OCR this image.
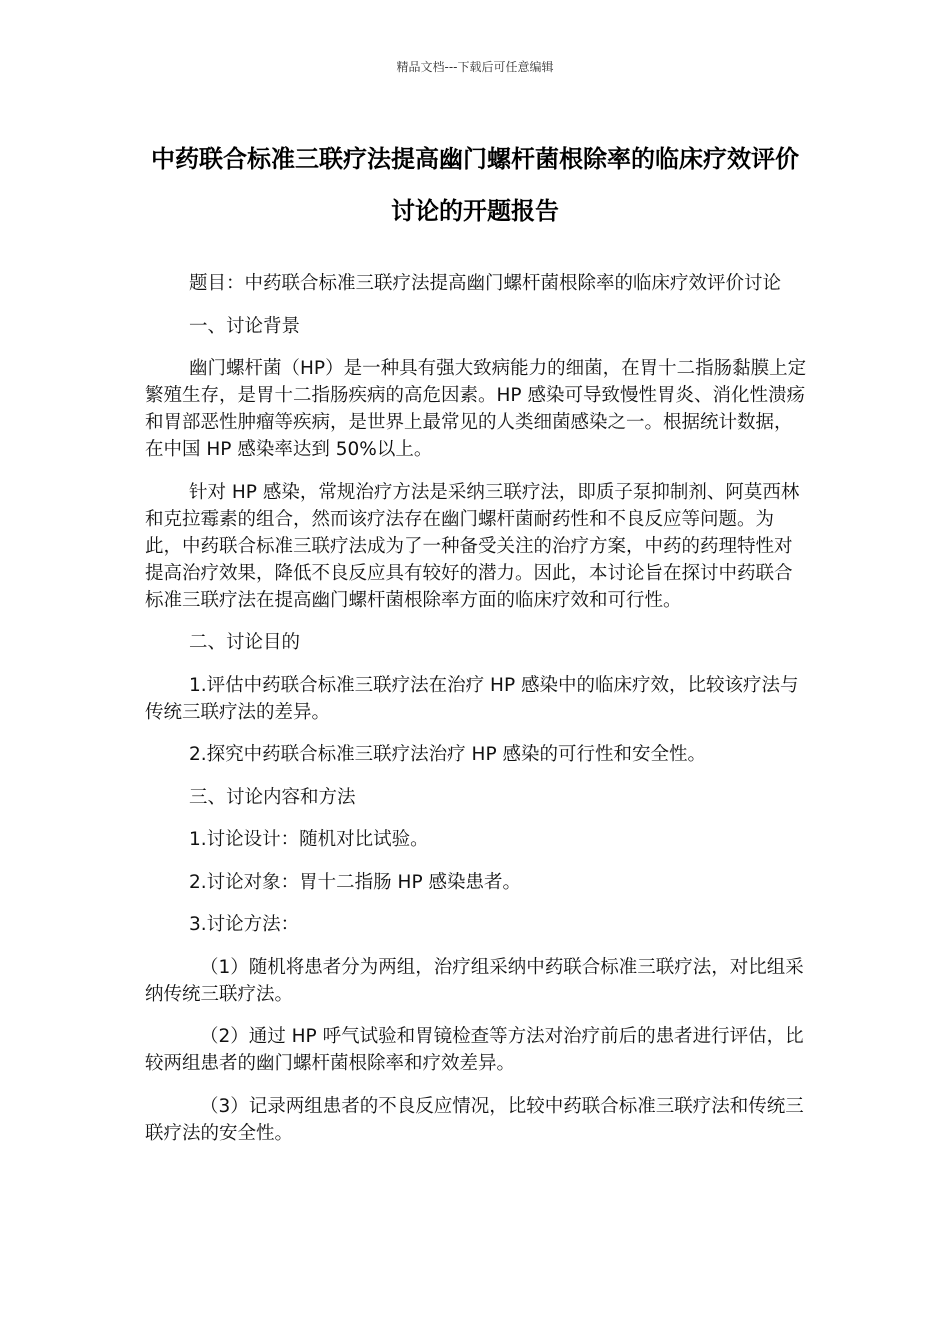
精品文档---下载后可任意编辑
中药联合标准三联疗法提高幽门螺杆菌根除率的临床疗效评价讨论的开题报告

题目：中药联合标准三联疗法提高幽门螺杆菌根除率的临床疗效评价讨论

一、讨论背景

幽门螺杆菌（HP）是一种具有强大致病能力的细菌，在胃十二指肠黏膜上定繁殖生存，是胃十二指肠疾病的高危因素。HP 感染可导致慢性胃炎、消化性溃疡和胃部恶性肿瘤等疾病，是世界上最常见的人类细菌感染之一。根据统计数据，在中国 HP 感染率达到 50%以上。

针对 HP 感染，常规治疗方法是采纳三联疗法，即质子泵抑制剂、阿莫西林和克拉霉素的组合，然而该疗法存在幽门螺杆菌耐药性和不良反应等问题。为此，中药联合标准三联疗法成为了一种备受关注的治疗方案，中药的药理特性对提高治疗效果，降低不良反应具有较好的潜力。因此，本讨论旨在探讨中药联合标准三联疗法在提高幽门螺杆菌根除率方面的临床疗效和可行性。

二、讨论目的

1.评估中药联合标准三联疗法在治疗 HP 感染中的临床疗效，比较该疗法与传统三联疗法的差异。

2.探究中药联合标准三联疗法治疗 HP 感染的可行性和安全性。

三、讨论内容和方法

1.讨论设计：随机对比试验。

2.讨论对象：胃十二指肠 HP 感染患者。

3.讨论方法：

（1）随机将患者分为两组，治疗组采纳中药联合标准三联疗法，对比组采纳传统三联疗法。

（2）通过 HP 呼气试验和胃镜检查等方法对治疗前后的患者进行评估，比较两组患者的幽门螺杆菌根除率和疗效差异。

（3）记录两组患者的不良反应情况，比较中药联合标准三联疗法和传统三联疗法的安全性。
